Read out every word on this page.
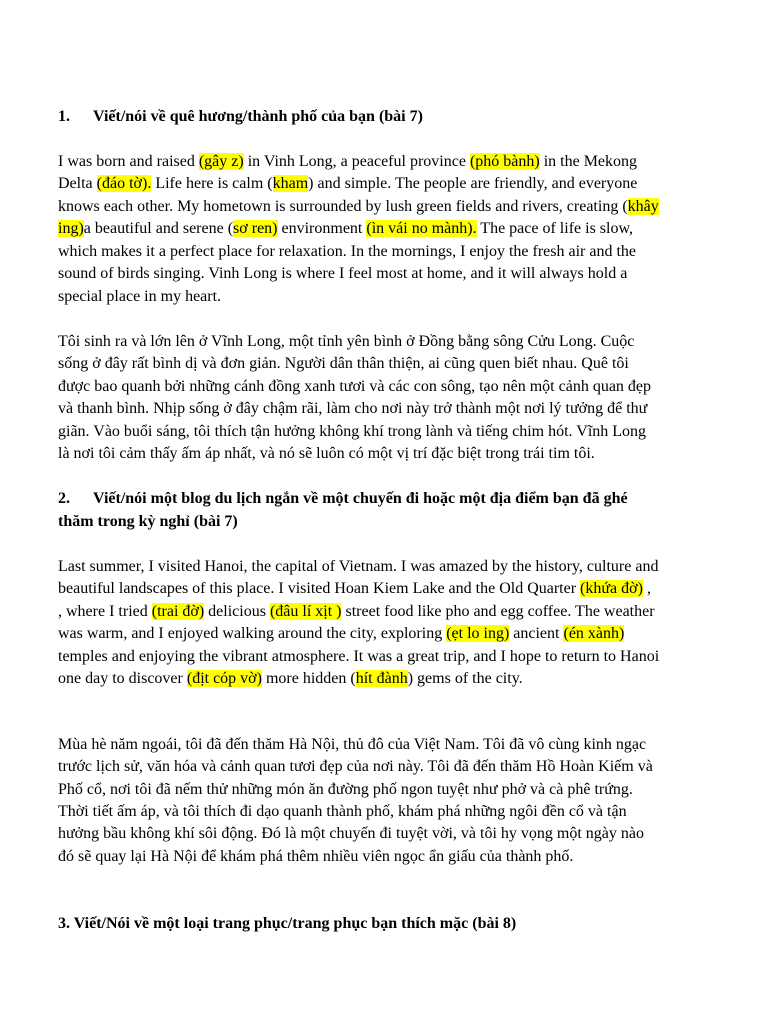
1. Viết/nói về quê hương/thành phố của bạn (bài 7)
I was born and raised (gây z) in Vinh Long, a peaceful province (phó bành) in the Mekong
Delta (đáo tờ). Life here is calm (kham) and simple. The people are friendly, and everyone
knows each other. My hometown is surrounded by lush green fields and rivers, creating (khây
ing)a beautiful and serene (sơ ren) environment (ìn vái no mành). The pace of life is slow,
which makes it a perfect place for relaxation. In the mornings, I enjoy the fresh air and the
sound of birds singing. Vinh Long is where I feel most at home, and it will always hold a
special place in my heart.
Tôi sinh ra và lớn lên ở Vĩnh Long, một tỉnh yên bình ở Đồng bằng sông Cửu Long. Cuộc
sống ở đây rất bình dị và đơn giản. Người dân thân thiện, ai cũng quen biết nhau. Quê tôi
được bao quanh bởi những cánh đồng xanh tươi và các con sông, tạo nên một cảnh quan đẹp
và thanh bình. Nhịp sống ở đây chậm rãi, làm cho nơi này trở thành một nơi lý tưởng để thư
giãn. Vào buổi sáng, tôi thích tận hưởng không khí trong lành và tiếng chim hót. Vĩnh Long
là nơi tôi cảm thấy ấm áp nhất, và nó sẽ luôn có một vị trí đặc biệt trong trái tim tôi.
2. Viết/nói một blog du lịch ngắn về một chuyến đi hoặc một địa điểm bạn đã ghé
thăm trong kỳ nghỉ (bài 7)
Last summer, I visited Hanoi, the capital of Vietnam. I was amazed by the history, culture and
beautiful landscapes of this place. I visited Hoan Kiem Lake and the Old Quarter (khứa đờ) ,
, where I tried (trai đờ) delicious (đâu lí xịt ) street food like pho and egg coffee. The weather
was warm, and I enjoyed walking around the city, exploring (ẹt lo ing) ancient (én xành)
temples and enjoying the vibrant atmosphere. It was a great trip, and I hope to return to Hanoi
one day to discover (địt cóp vờ) more hidden (hít đành) gems of the city.
Mùa hè năm ngoái, tôi đã đến thăm Hà Nội, thủ đô của Việt Nam. Tôi đã vô cùng kinh ngạc
trước lịch sử, văn hóa và cảnh quan tươi đẹp của nơi này. Tôi đã đến thăm Hồ Hoàn Kiếm và
Phố cổ, nơi tôi đã nếm thử những món ăn đường phố ngon tuyệt như phở và cà phê trứng.
Thời tiết ấm áp, và tôi thích đi dạo quanh thành phố, khám phá những ngôi đền cổ và tận
hưởng bầu không khí sôi động. Đó là một chuyến đi tuyệt vời, và tôi hy vọng một ngày nào
đó sẽ quay lại Hà Nội để khám phá thêm nhiều viên ngọc ẩn giấu của thành phố.
3. Viết/Nói về một loại trang phục/trang phục bạn thích mặc (bài 8)
